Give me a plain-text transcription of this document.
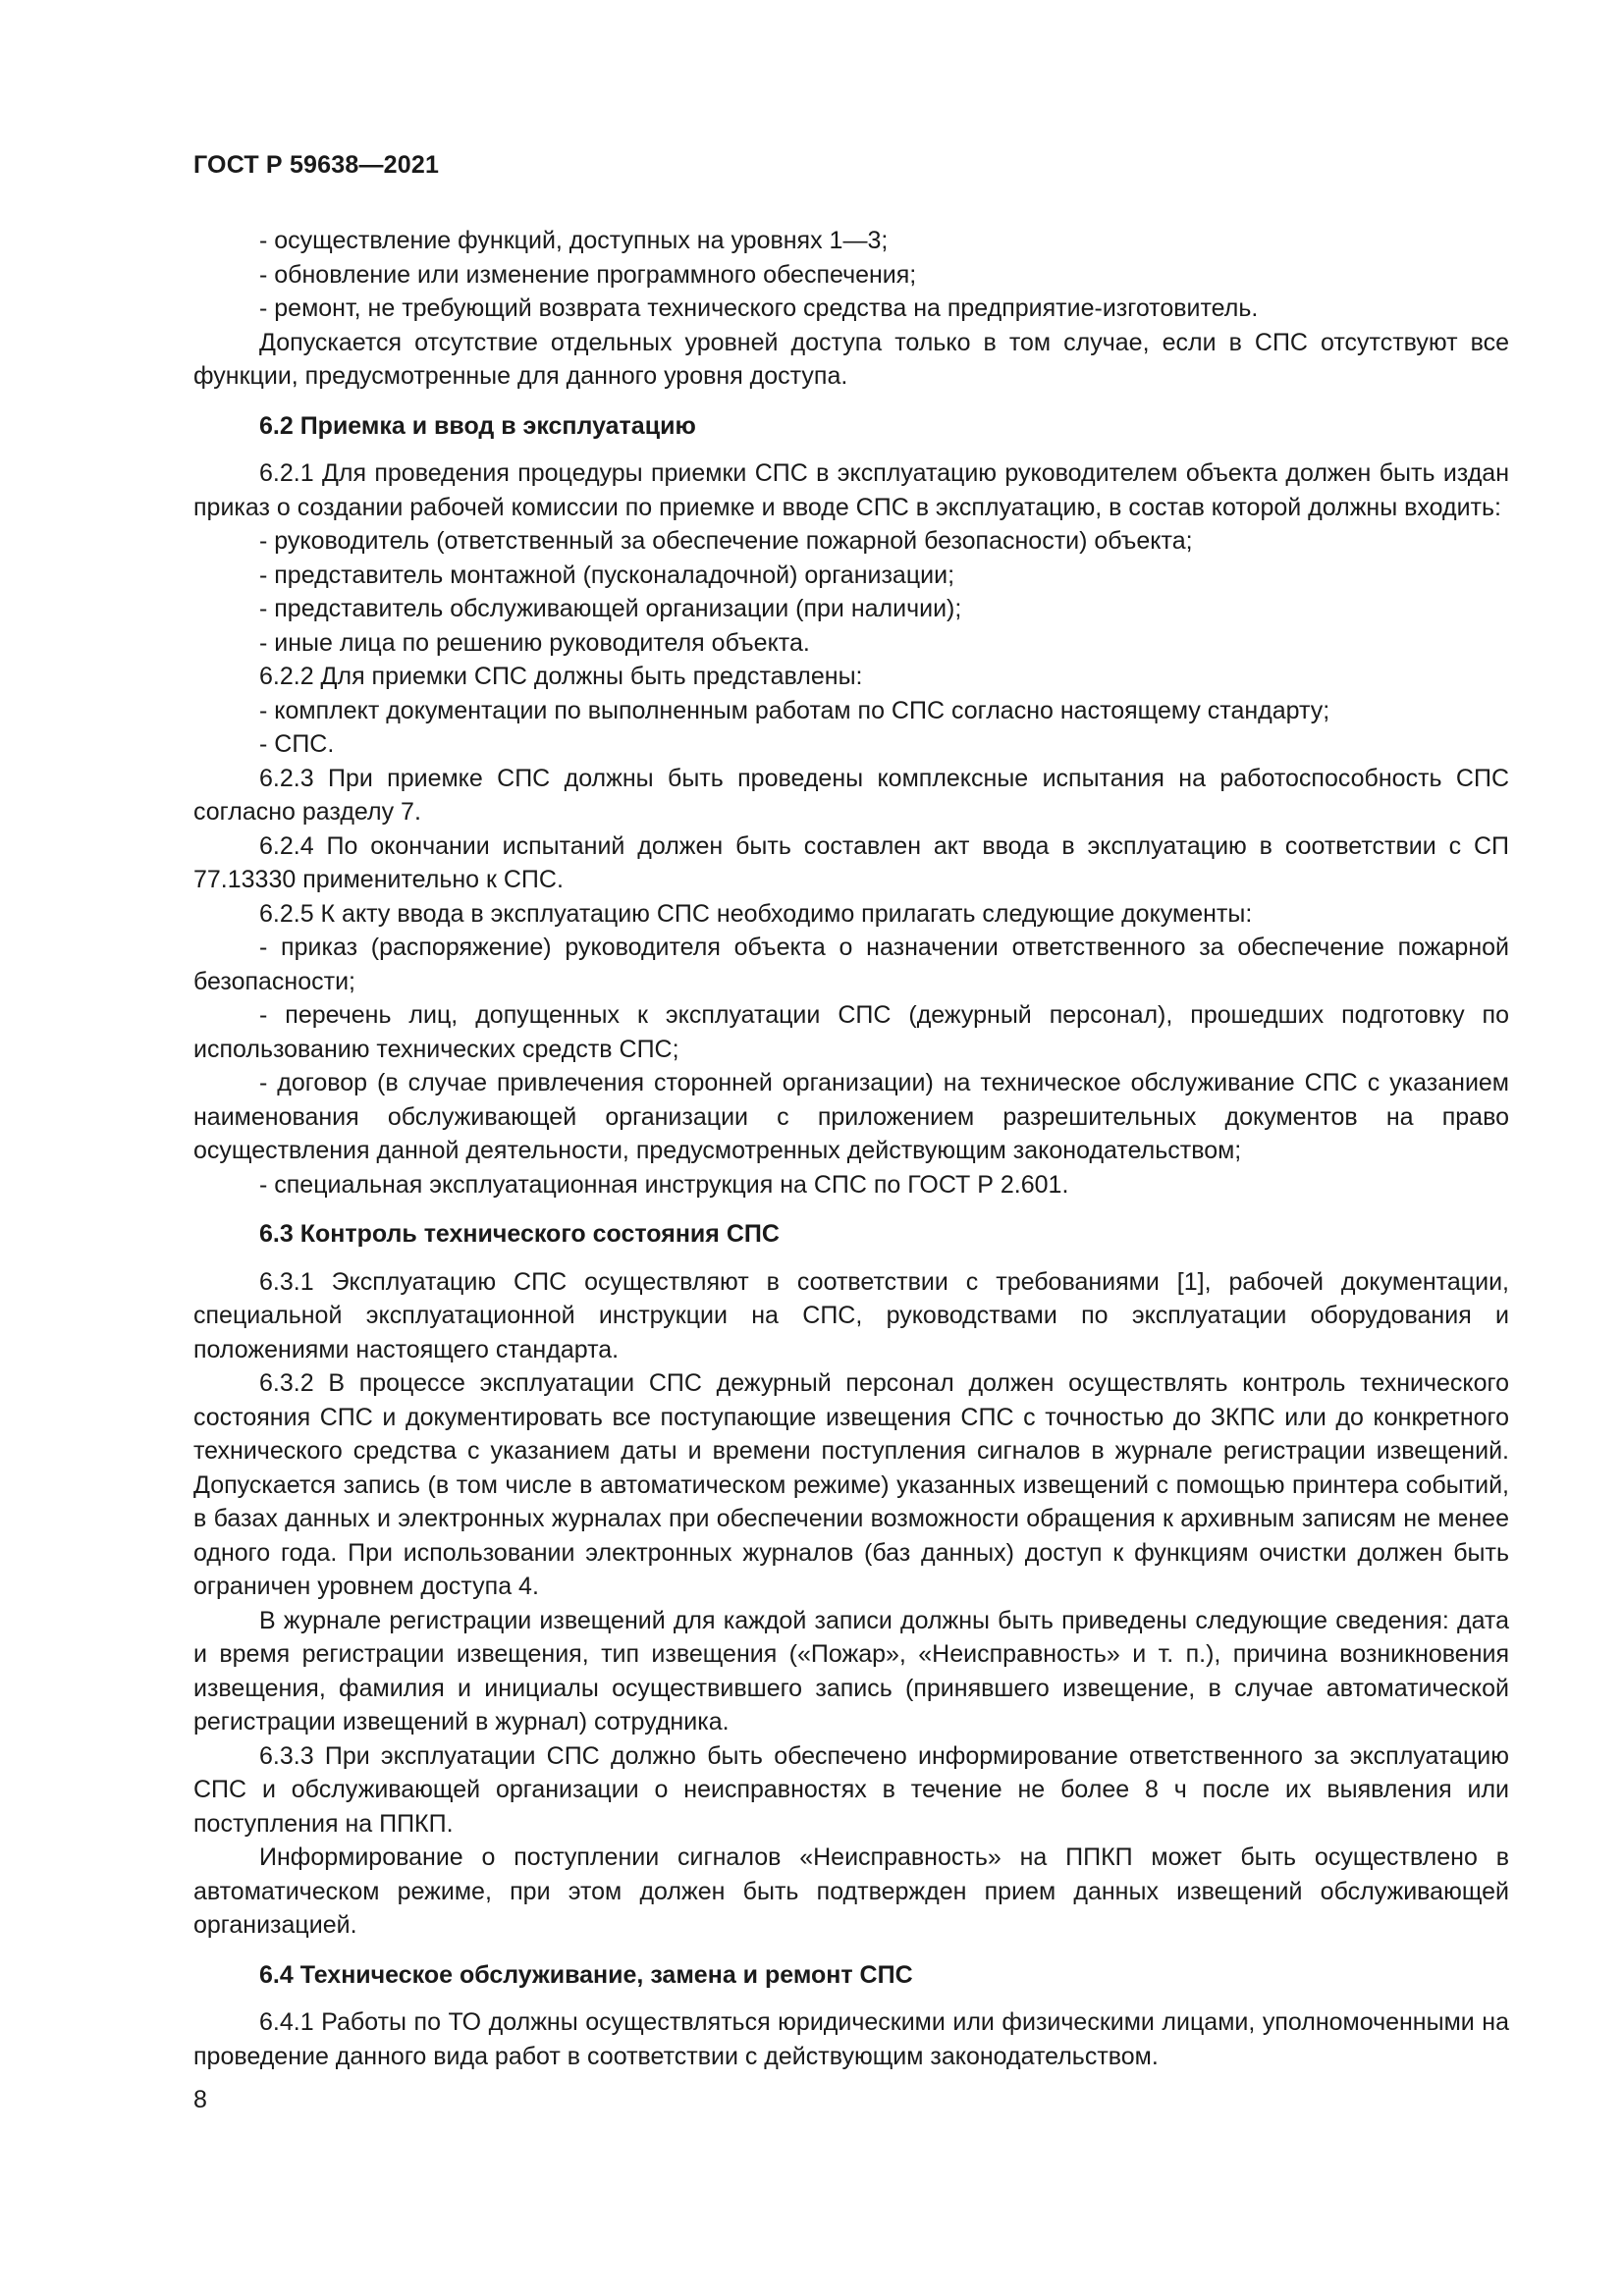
ГОСТ Р 59638—2021

- осуществление функций, доступных на уровнях 1—3;

- обновление или изменение программного обеспечения;

- ремонт, не требующий возврата технического средства на предприятие-изготовитель.

Допускается отсутствие отдельных уровней доступа только в том случае, если в СПС отсутствуют все функции, предусмотренные для данного уровня доступа.

6.2 Приемка и ввод в эксплуатацию

6.2.1 Для проведения процедуры приемки СПС в эксплуатацию руководителем объекта должен быть издан приказ о создании рабочей комиссии по приемке и вводе СПС в эксплуатацию, в состав которой должны входить:

- руководитель (ответственный за обеспечение пожарной безопасности) объекта;

- представитель монтажной (пусконаладочной) организации;

- представитель обслуживающей организации (при наличии);

- иные лица по решению руководителя объекта.

6.2.2 Для приемки СПС должны быть представлены:

- комплект документации по выполненным работам по СПС согласно настоящему стандарту;

- СПС.

6.2.3 При приемке СПС должны быть проведены комплексные испытания на работоспособность СПС согласно разделу 7.

6.2.4 По окончании испытаний должен быть составлен акт ввода в эксплуатацию в соответствии с СП 77.13330 применительно к СПС.

6.2.5 К акту ввода в эксплуатацию СПС необходимо прилагать следующие документы:

- приказ (распоряжение) руководителя объекта о назначении ответственного за обеспечение пожарной безопасности;

- перечень лиц, допущенных к эксплуатации СПС (дежурный персонал), прошедших подготовку по использованию технических средств СПС;

- договор (в случае привлечения сторонней организации) на техническое обслуживание СПС с указанием наименования обслуживающей организации с приложением разрешительных документов на право осуществления данной деятельности, предусмотренных действующим законодательством;

- специальная эксплуатационная инструкция на СПС по ГОСТ Р 2.601.

6.3 Контроль технического состояния СПС

6.3.1 Эксплуатацию СПС осуществляют в соответствии с требованиями [1], рабочей документации, специальной эксплуатационной инструкции на СПС, руководствами по эксплуатации оборудования и положениями настоящего стандарта.

6.3.2 В процессе эксплуатации СПС дежурный персонал должен осуществлять контроль технического состояния СПС и документировать все поступающие извещения СПС с точностью до ЗКПС или до конкретного технического средства с указанием даты и времени поступления сигналов в журнале регистрации извещений. Допускается запись (в том числе в автоматическом режиме) указанных извещений с помощью принтера событий, в базах данных и электронных журналах при обеспечении возможности обращения к архивным записям не менее одного года. При использовании электронных журналов (баз данных) доступ к функциям очистки должен быть ограничен уровнем доступа 4.

В журнале регистрации извещений для каждой записи должны быть приведены следующие сведения: дата и время регистрации извещения, тип извещения («Пожар», «Неисправность» и т. п.), причина возникновения извещения, фамилия и инициалы осуществившего запись (принявшего извещение, в случае автоматической регистрации извещений в журнал) сотрудника.

6.3.3 При эксплуатации СПС должно быть обеспечено информирование ответственного за эксплуатацию СПС и обслуживающей организации о неисправностях в течение не более 8 ч после их выявления или поступления на ППКП.

Информирование о поступлении сигналов «Неисправность» на ППКП может быть осуществлено в автоматическом режиме, при этом должен быть подтвержден прием данных извещений обслуживающей организацией.

6.4 Техническое обслуживание, замена и ремонт СПС

6.4.1 Работы по ТО должны осуществляться юридическими или физическими лицами, уполномоченными на проведение данного вида работ в соответствии с действующим законодательством.

8
